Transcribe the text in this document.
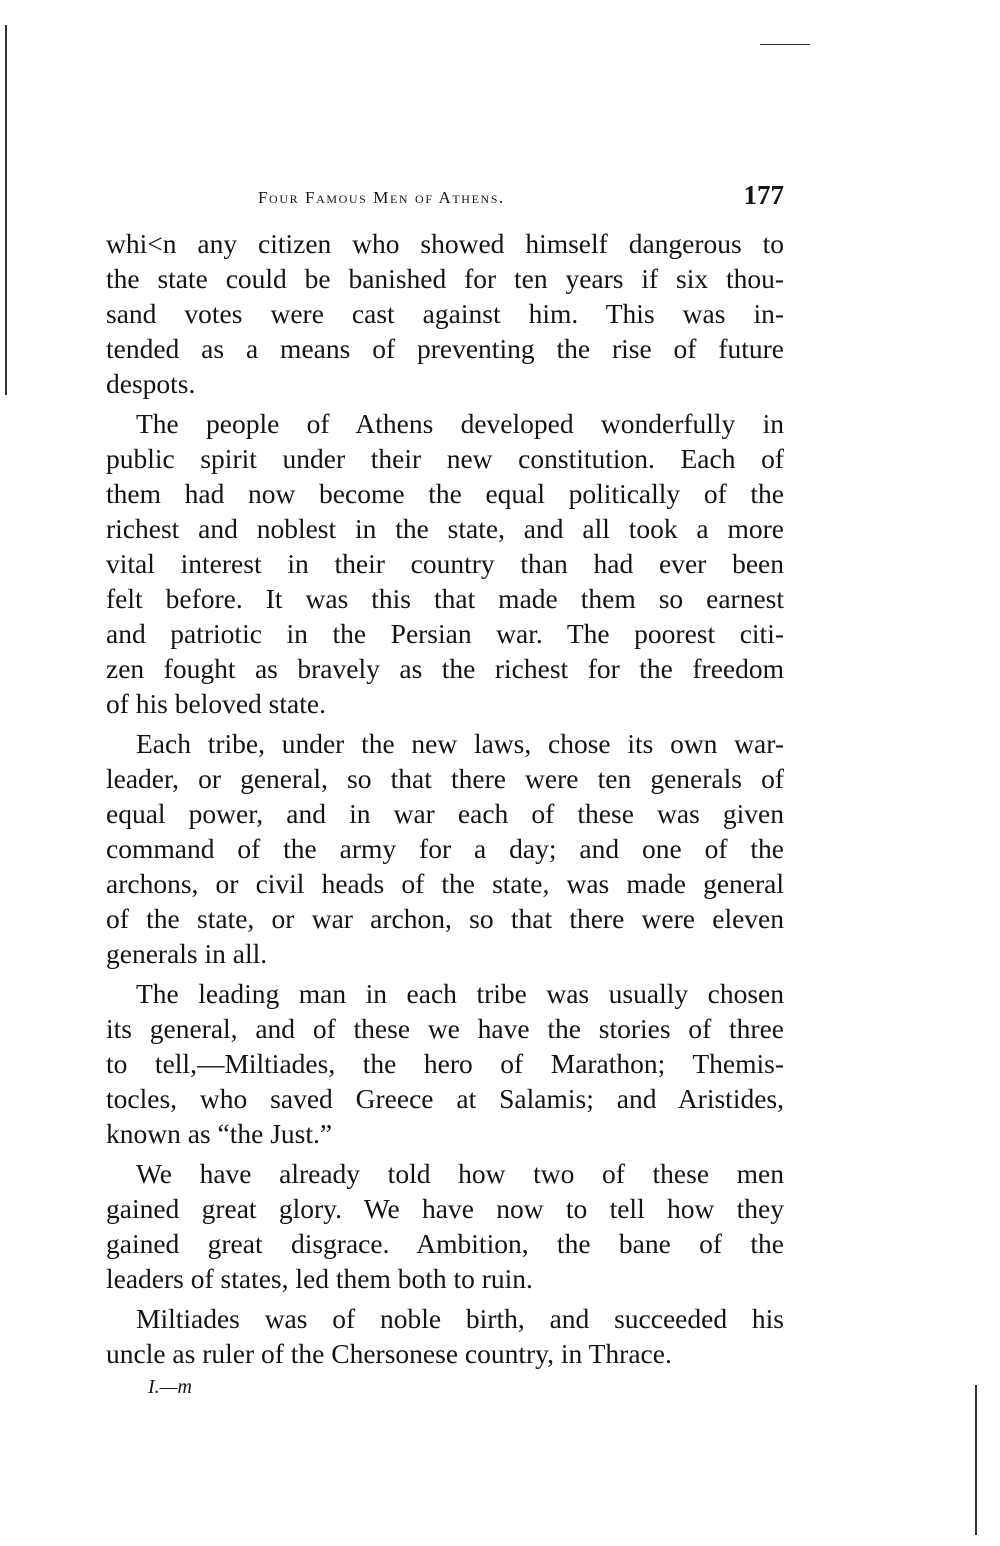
Four Famous Men of Athens.	177
whi<n any citizen who showed himself dangerous to
the state could be banished for ten years if six thou-
sand votes were cast against him. This was in-
tended as a means of preventing the rise of future
despots.
The people of Athens developed wonderfully in
public spirit under their new constitution. Each of
them had now become the equal politically of the
richest and noblest in the state, and all took a more
vital interest in their country than had ever been
felt before. It was this that made them so earnest
and patriotic in the Persian war. The poorest citi-
zen fought as bravely as the richest for the freedom
of his beloved state.
Each tribe, under the new laws, chose its own war-
leader, or general, so that there were ten generals of
equal power, and in war each of these was given
command of the army for a day; and one of the
archons, or civil heads of the state, was made general
of the state, or war archon, so that there were eleven
generals in all.
The leading man in each tribe was usually chosen
its general, and of these we have the stories of three
to tell,—Miltiades, the hero of Marathon; Themis-
tocles, who saved Greece at Salamis; and Aristides,
known as “the Just.”
We have already told how two of these men
gained great glory. We have now to tell how they
gained great disgrace. Ambition, the bane of the
leaders of states, led them both to ruin.
Miltiades was of noble birth, and succeeded his
uncle as ruler of the Chersonese country, in Thrace.
I.—m
